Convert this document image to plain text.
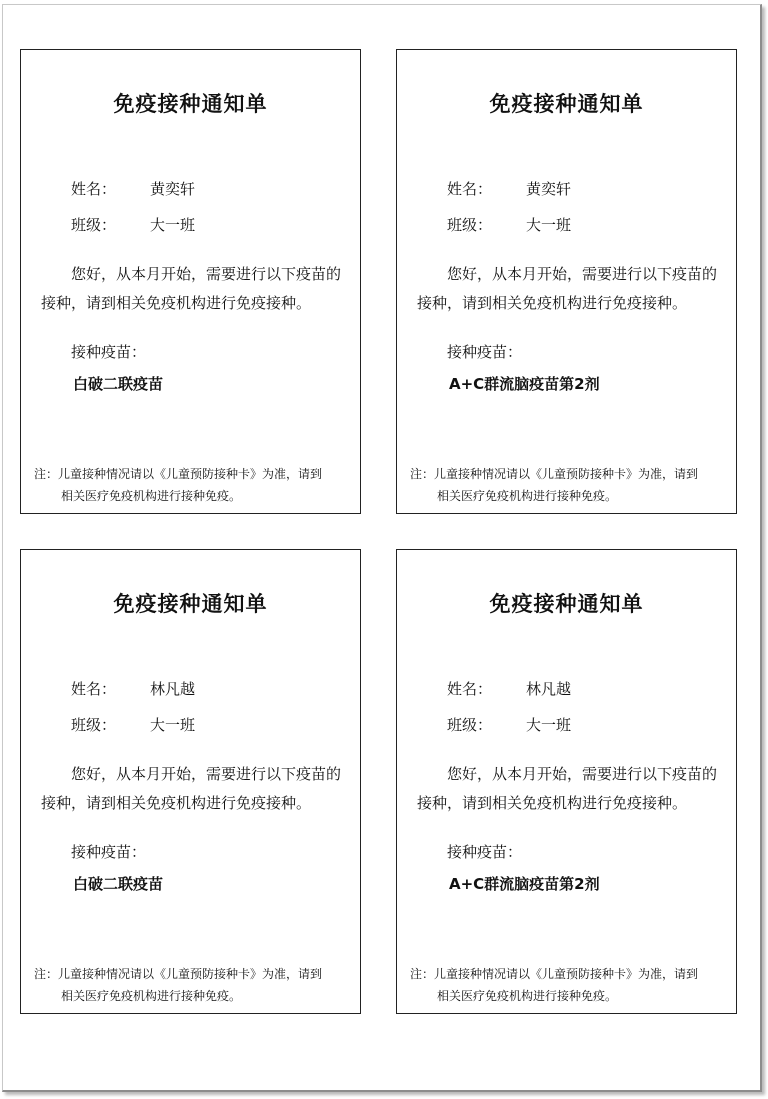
免疫接种通知单
姓名： 黄奕轩
班级： 大一班
您好，从本月开始，需要进行以下疫苗的接种，请到相关免疫机构进行免疫接种。
接种疫苗：
白破二联疫苗
注：儿童接种情况请以《儿童预防接种卡》为准，请到
相关医疗免疫机构进行接种免疫。
免疫接种通知单
姓名： 黄奕轩
班级： 大一班
您好，从本月开始，需要进行以下疫苗的接种，请到相关免疫机构进行免疫接种。
接种疫苗：
A+C群流脑疫苗第2剂
注：儿童接种情况请以《儿童预防接种卡》为准，请到
相关医疗免疫机构进行接种免疫。
免疫接种通知单
姓名： 林凡越
班级： 大一班
您好，从本月开始，需要进行以下疫苗的接种，请到相关免疫机构进行免疫接种。
接种疫苗：
白破二联疫苗
注：儿童接种情况请以《儿童预防接种卡》为准，请到
相关医疗免疫机构进行接种免疫。
免疫接种通知单
姓名： 林凡越
班级： 大一班
您好，从本月开始，需要进行以下疫苗的接种，请到相关免疫机构进行免疫接种。
接种疫苗：
A+C群流脑疫苗第2剂
注：儿童接种情况请以《儿童预防接种卡》为准，请到
相关医疗免疫机构进行接种免疫。
